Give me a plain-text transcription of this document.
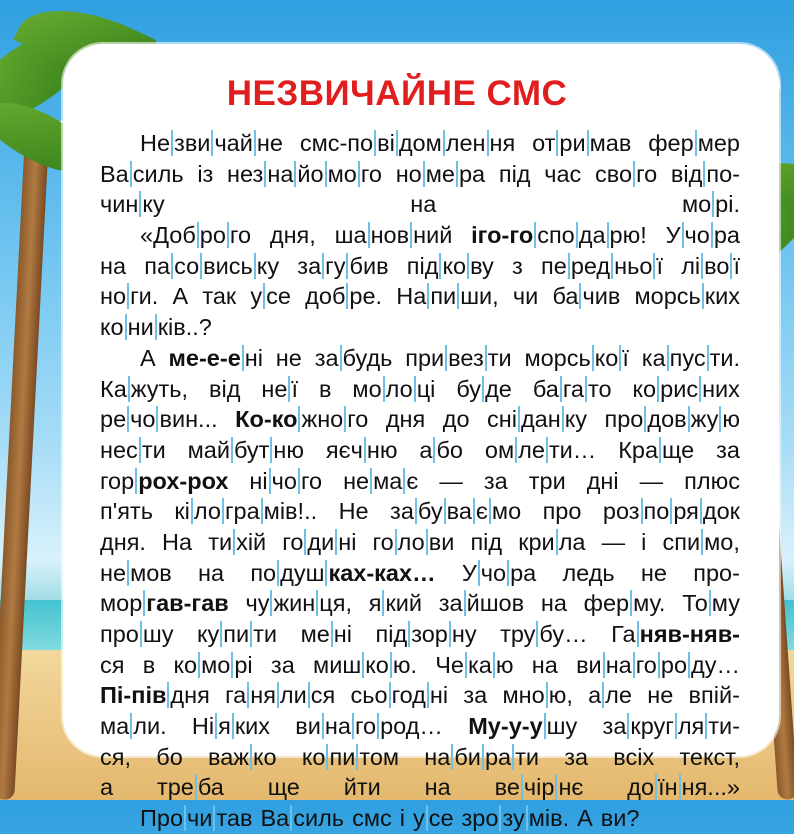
НЕЗВИЧАЙНЕ СМС
Не зви чай не смс-по ві дом лен ня от ри мав фер мер
Ва силь із нез на йо мо го но ме ра під час сво го від по-
чин ку	на	мо рі.
«Доб ро го дня, ша нов ний іго-го спо да рю! У чо ра
на па со вись ку за гу бив під ко ву з пе ред ньо ї лі во ї
но ги. А так у се доб ре. На пи ши, чи ба чив морсь ких
ко ни ків..?
А ме-е-е ні не за будь при вез ти морсь ко ї ка пус ти.
Ка жуть, від не ї в мо ло ці бу де ба га то ко рис них
ре чо вин... Ко-ко жно го дня до сні дан ку про дов жу ю
нес ти май бут ню яєч ню а бо ом ле ти… Кра ще за
гор рох-рох ні чо го не ма є — за три дні — плюс
п'ять кі ло гра мів!.. Не за бу ва є мо про роз по ря док
дня. На ти хій го ди ні го ло ви під кри ла — і спи мо,
не мов на по душ ках-ках… У чо ра ледь не про-
мор гав-гав чу жин ця, я кий за йшов на фер му. То му
про шу ку пи ти ме ні під зор ну тру бу… Га няв-няв-
ся в ко мо рі за миш ко ю. Че ка ю на ви на го ро ду…
Пі-пів дня га ня ли ся сьо год ні за мно ю, а ле не впій-
ма ли. Ні я ких ви на го род… Му-у-у шу за круг ля ти-
ся, бо важ ко ко пи том на би ра ти за всіх текст,
а тре ба ще йти на ве чір нє до їн ня...»
Про чи тав Ва силь смс і у се зро зу мів. А ви?
